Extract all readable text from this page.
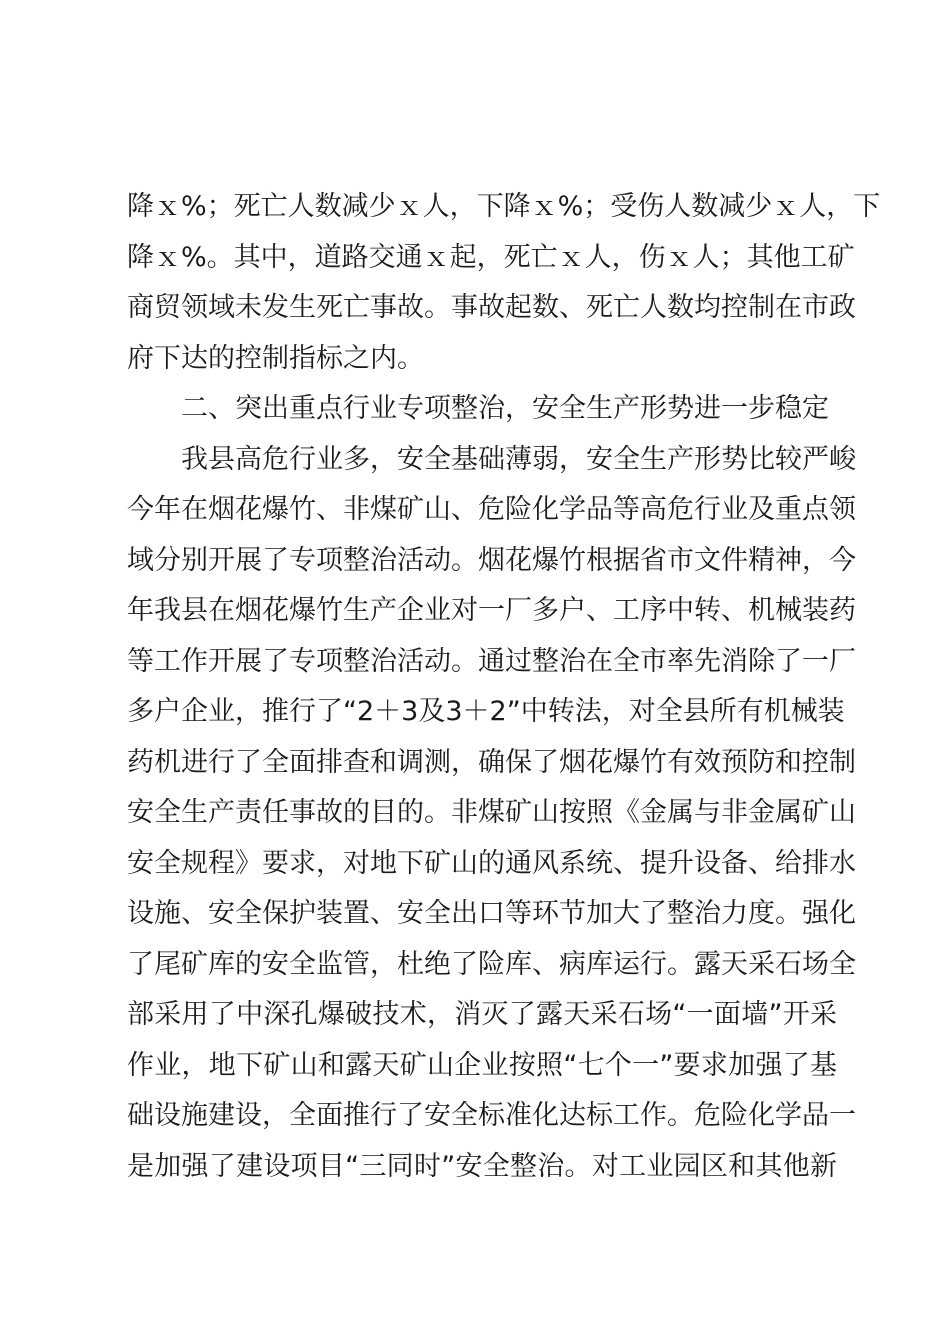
降ｘ%；死亡人数减少ｘ人，下降ｘ%；受伤人数减少ｘ人，下
降ｘ%。其中，道路交通ｘ起，死亡ｘ人，伤ｘ人；其他工矿
商贸领域未发生死亡事故。事故起数、死亡人数均控制在市政
府下达的控制指标之内。
二、突出重点行业专项整治，安全生产形势进一步稳定
我县高危行业多，安全基础薄弱，安全生产形势比较严峻
今年在烟花爆竹、非煤矿山、危险化学品等高危行业及重点领
域分别开展了专项整治活动。烟花爆竹根据省市文件精神，今
年我县在烟花爆竹生产企业对一厂多户、工序中转、机械装药
等工作开展了专项整治活动。通过整治在全市率先消除了一厂
多户企业，推行了“2＋3及3＋2”中转法，对全县所有机械装
药机进行了全面排查和调测，确保了烟花爆竹有效预防和控制
安全生产责任事故的目的。非煤矿山按照《金属与非金属矿山
安全规程》要求，对地下矿山的通风系统、提升设备、给排水
设施、安全保护装置、安全出口等环节加大了整治力度。强化
了尾矿库的安全监管，杜绝了险库、病库运行。露天采石场全
部采用了中深孔爆破技术，消灭了露天采石场“一面墙”开采
作业，地下矿山和露天矿山企业按照“七个一”要求加强了基
础设施建设，全面推行了安全标准化达标工作。危险化学品一
是加强了建设项目“三同时”安全整治。对工业园区和其他新
